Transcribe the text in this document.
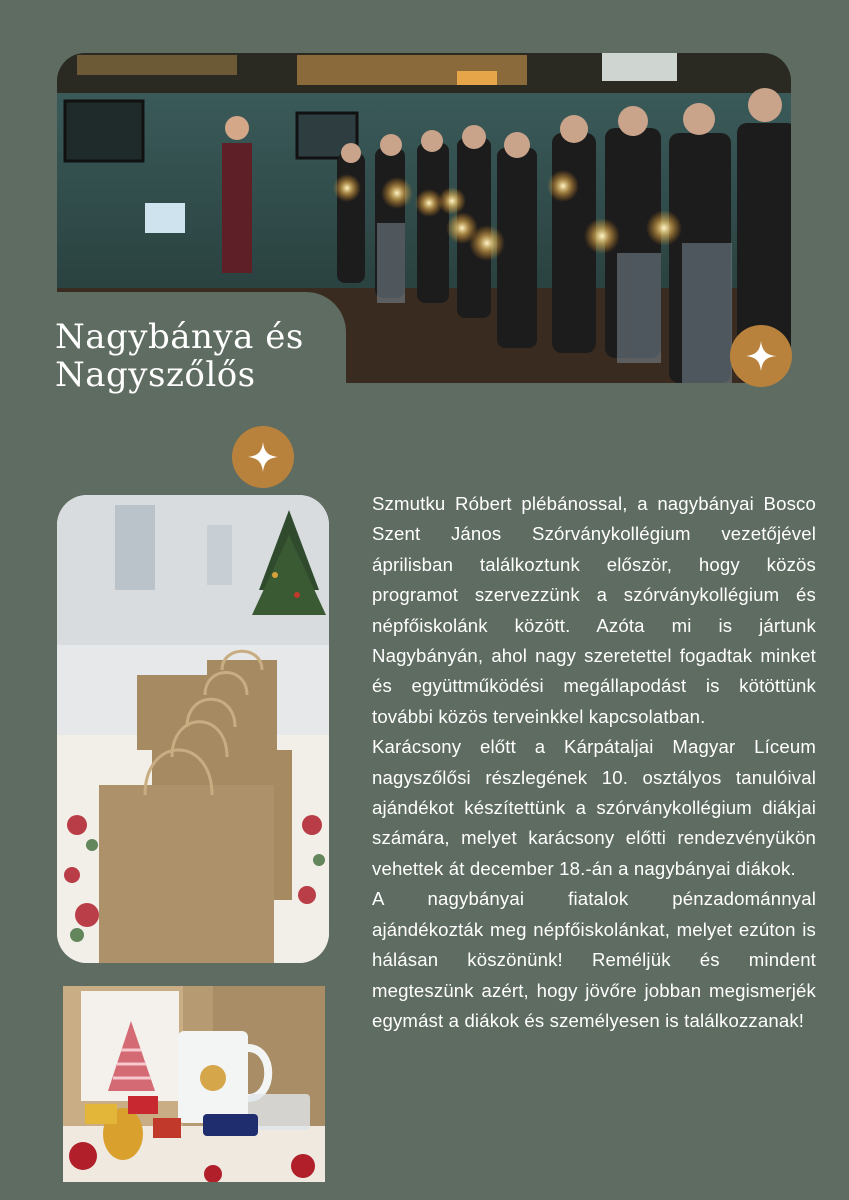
Nagybánya és
Nagyszőlős

Szmutku Róbert plébánossal, a nagybányai Bosco Szent János Szórványkollégium vezetőjével áprilisban találkoztunk először, hogy közös programot szervezzünk a szórványkollégium és népfőiskolánk között. Azóta mi is jártunk Nagybányán, ahol nagy szeretettel fogadtak minket és együttműködési megállapodást is kötöttünk további közös terveinkkel kapcsolatban.

Karácsony előtt a Kárpátaljai Magyar Líceum nagyszőlősi részlegének 10. osztályos tanulóival ajándékot készítettünk a szórványkollégium diákjai számára, melyet karácsony előtti rendezvényükön vehettek át december 18.-án a nagybányai diákok.

A nagybányai fiatalok pénzadománnyal ajándékozták meg népfőiskolánkat, melyet ezúton is hálásan köszönünk! Reméljük és mindent megteszünk azért, hogy jövőre jobban megismerjék egymást a diákok és személyesen is találkozzanak!
